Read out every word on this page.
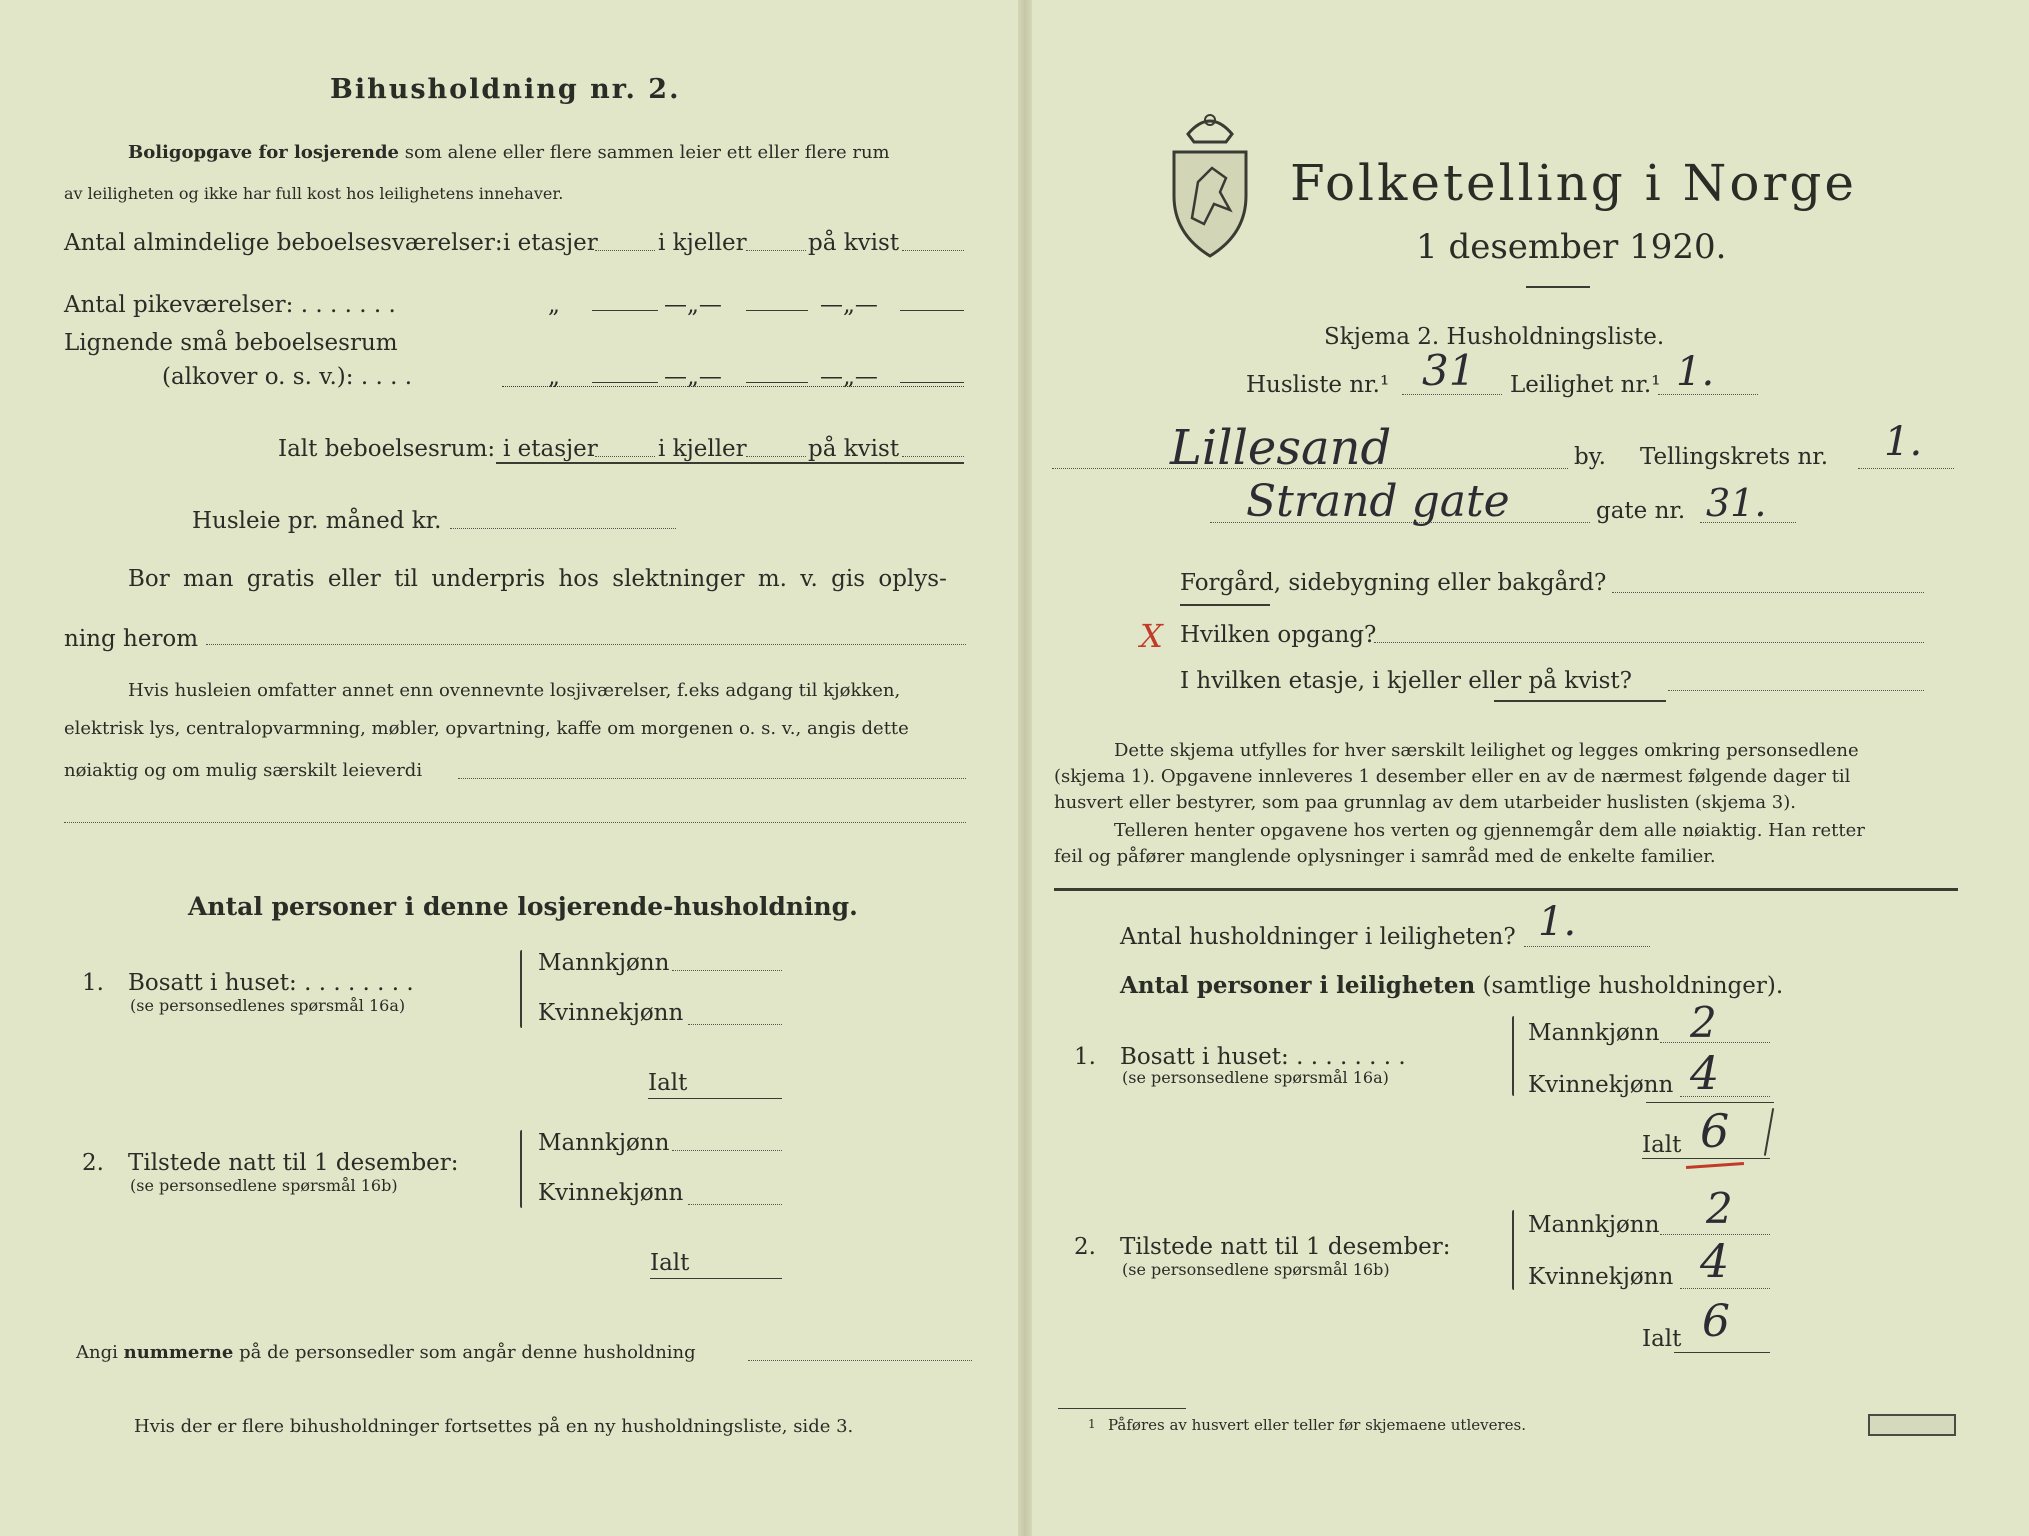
Bihusholdning nr. 2.
Boligopgave for losjerende som alene eller flere sammen leier ett eller flere rum
av leiligheten og ikke har full kost hos leilighetens innehaver.
Antal almindelige beboelsesværelser: i etasjer	i kjeller	på kvist
Antal pikeværelser: . . . . . . .	„	—„—	—„—
Lignende små beboelsesrum
(alkover o. s. v.): . . . .	„	—„—	—„—
Ialt beboelsesrum: i etasjer	i kjeller	på kvist
Husleie pr. måned kr.
Bor man gratis eller til underpris hos slektninger m. v. gis oplys-
ning herom
Hvis husleien omfatter annet enn ovennevnte losjiværelser, f.eks adgang til kjøkken,
elektrisk lys, centralopvarmning, møbler, opvartning, kaffe om morgenen o. s. v., angis dette
nøiaktig og om mulig særskilt leieverdi
Antal personer i denne losjerende-husholdning.
1. Bosatt i huset: . . . . . . . .
(se personsedlenes spørsmål 16a)
Mannkjønn
Kvinnekjønn
Ialt
2. Tilstede natt til 1 desember:
(se personsedlene spørsmål 16b)
Mannkjønn
Kvinnekjønn
Ialt
Angi nummerne på de personsedler som angår denne husholdning
Hvis der er flere bihusholdninger fortsettes på en ny husholdningsliste, side 3.
Folketelling i Norge
1 desember 1920.
Skjema 2. Husholdningsliste.
Husliste nr.¹ 31 Leilighet nr.¹ 1.
Lillesand	by. Tellingskrets nr. 1.
Strand gate	gate nr. 31.
Forgård, sidebygning eller bakgård?
X Hvilken opgang?
I hvilken etasje, i kjeller eller på kvist?
Dette skjema utfylles for hver særskilt leilighet og legges omkring personsedlene
(skjema 1). Opgavene innleveres 1 desember eller en av de nærmest følgende dager til
husvert eller bestyrer, som paa grunnlag av dem utarbeider huslisten (skjema 3).
Telleren henter opgavene hos verten og gjennemgår dem alle nøiaktig. Han retter
feil og påfører manglende oplysninger i samråd med de enkelte familier.
Antal husholdninger i leiligheten? 1.
Antal personer i leiligheten (samtlige husholdninger).
1. Bosatt i huset: . . . . . . . .
(se personsedlene spørsmål 16a)
Mannkjønn 2
Kvinnekjønn 4
Ialt 6
2. Tilstede natt til 1 desember:
(se personsedlene spørsmål 16b)
Mannkjønn 2
Kvinnekjønn 4
Ialt 6
1 Påføres av husvert eller teller før skjemaene utleveres.
